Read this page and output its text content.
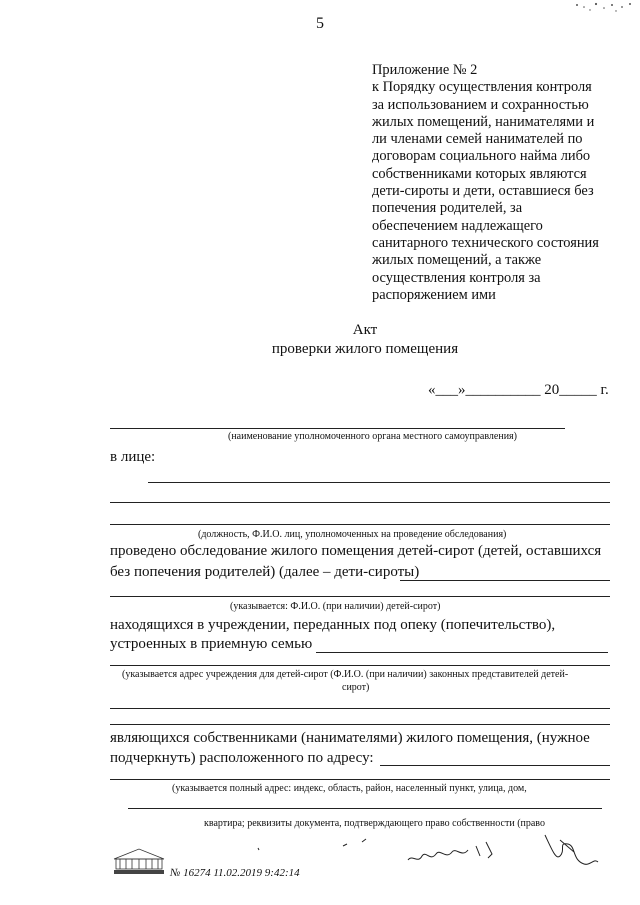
5
Приложение № 2
к Порядку осуществления контроля
за использованием и сохранностью
жилых помещений, нанимателями и
ли членами семей нанимателей по
договорам социального найма либо
собственниками которых являются
дети-сироты и дети, оставшиеся без
попечения родителей, за
обеспечением надлежащего
санитарного технического состояния
жилых помещений, а также
осуществления контроля за
распоряжением ими
Акт
проверки жилого помещения
«___»__________ 20_____ г.
(наименование уполномоченного органа местного самоуправления)
в лице:
(должность, Ф.И.О. лиц, уполномоченных на проведение обследования)
проведено обследование жилого помещения детей-сирот (детей, оставшихся
без попечения родителей) (далее – дети-сироты)
(указывается: Ф.И.О. (при наличии) детей-сирот)
находящихся в учреждении, переданных под опеку (попечительство),
устроенных в приемную семью
(указывается адрес учреждения для детей-сирот (Ф.И.О. (при наличии) законных представителей детей-
сирот)
являющихся собственниками (нанимателями) жилого помещения, (нужное
подчеркнуть) расположенного по адресу:
(указывается полный адрес: индекс, область, район, населенный пункт, улица, дом,
квартира; реквизиты документа, подтверждающего право собственности (право
№ 16274 11.02.2019 9:42:14
